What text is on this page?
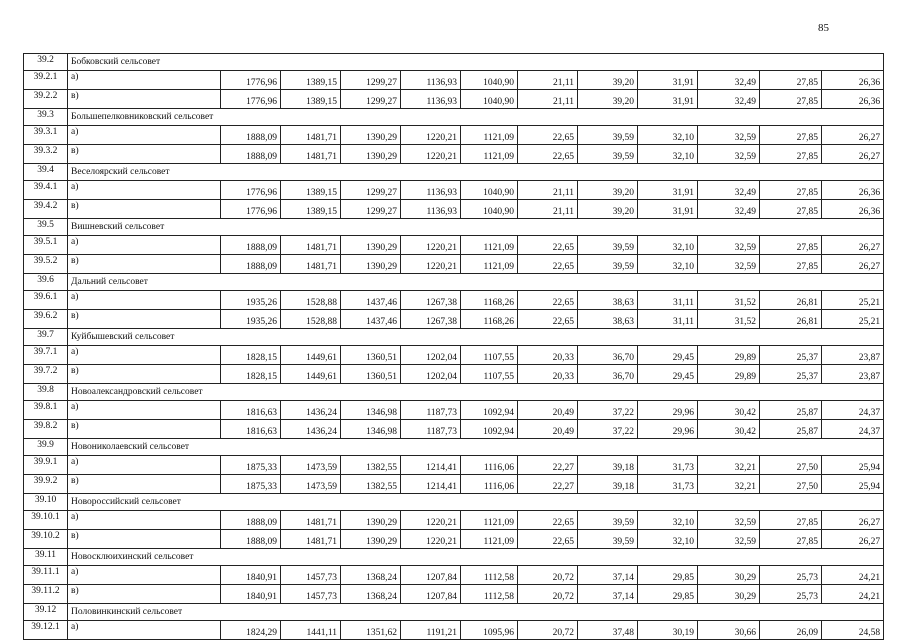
85
39.2	Бобковский сельсовет											
39.2.1	а)	1776,96	1389,15	1299,27	1136,93	1040,90	21,11	39,20	31,91	32,49	27,85	26,36
39.2.2	в)	1776,96	1389,15	1299,27	1136,93	1040,90	21,11	39,20	31,91	32,49	27,85	26,36
39.3	Большепелковниковский сельсовет											
39.3.1	а)	1888,09	1481,71	1390,29	1220,21	1121,09	22,65	39,59	32,10	32,59	27,85	26,27
39.3.2	в)	1888,09	1481,71	1390,29	1220,21	1121,09	22,65	39,59	32,10	32,59	27,85	26,27
39.4	Веселоярский сельсовет											
39.4.1	а)	1776,96	1389,15	1299,27	1136,93	1040,90	21,11	39,20	31,91	32,49	27,85	26,36
39.4.2	в)	1776,96	1389,15	1299,27	1136,93	1040,90	21,11	39,20	31,91	32,49	27,85	26,36
39.5	Вишневский сельсовет											
39.5.1	а)	1888,09	1481,71	1390,29	1220,21	1121,09	22,65	39,59	32,10	32,59	27,85	26,27
39.5.2	в)	1888,09	1481,71	1390,29	1220,21	1121,09	22,65	39,59	32,10	32,59	27,85	26,27
39.6	Дальний сельсовет											
39.6.1	а)	1935,26	1528,88	1437,46	1267,38	1168,26	22,65	38,63	31,11	31,52	26,81	25,21
39.6.2	в)	1935,26	1528,88	1437,46	1267,38	1168,26	22,65	38,63	31,11	31,52	26,81	25,21
39.7	Куйбышевский сельсовет											
39.7.1	а)	1828,15	1449,61	1360,51	1202,04	1107,55	20,33	36,70	29,45	29,89	25,37	23,87
39.7.2	в)	1828,15	1449,61	1360,51	1202,04	1107,55	20,33	36,70	29,45	29,89	25,37	23,87
39.8	Новоалександровский сельсовет											
39.8.1	а)	1816,63	1436,24	1346,98	1187,73	1092,94	20,49	37,22	29,96	30,42	25,87	24,37
39.8.2	в)	1816,63	1436,24	1346,98	1187,73	1092,94	20,49	37,22	29,96	30,42	25,87	24,37
39.9	Новониколаевский сельсовет											
39.9.1	а)	1875,33	1473,59	1382,55	1214,41	1116,06	22,27	39,18	31,73	32,21	27,50	25,94
39.9.2	в)	1875,33	1473,59	1382,55	1214,41	1116,06	22,27	39,18	31,73	32,21	27,50	25,94
39.10	Новороссийский сельсовет											
39.10.1	а)	1888,09	1481,71	1390,29	1220,21	1121,09	22,65	39,59	32,10	32,59	27,85	26,27
39.10.2	в)	1888,09	1481,71	1390,29	1220,21	1121,09	22,65	39,59	32,10	32,59	27,85	26,27
39.11	Новосклюихинский сельсовет											
39.11.1	а)	1840,91	1457,73	1368,24	1207,84	1112,58	20,72	37,14	29,85	30,29	25,73	24,21
39.11.2	в)	1840,91	1457,73	1368,24	1207,84	1112,58	20,72	37,14	29,85	30,29	25,73	24,21
39.12	Половинкинский сельсовет											
39.12.1	а)	1824,29	1441,11	1351,62	1191,21	1095,96	20,72	37,48	30,19	30,66	26,09	24,58
